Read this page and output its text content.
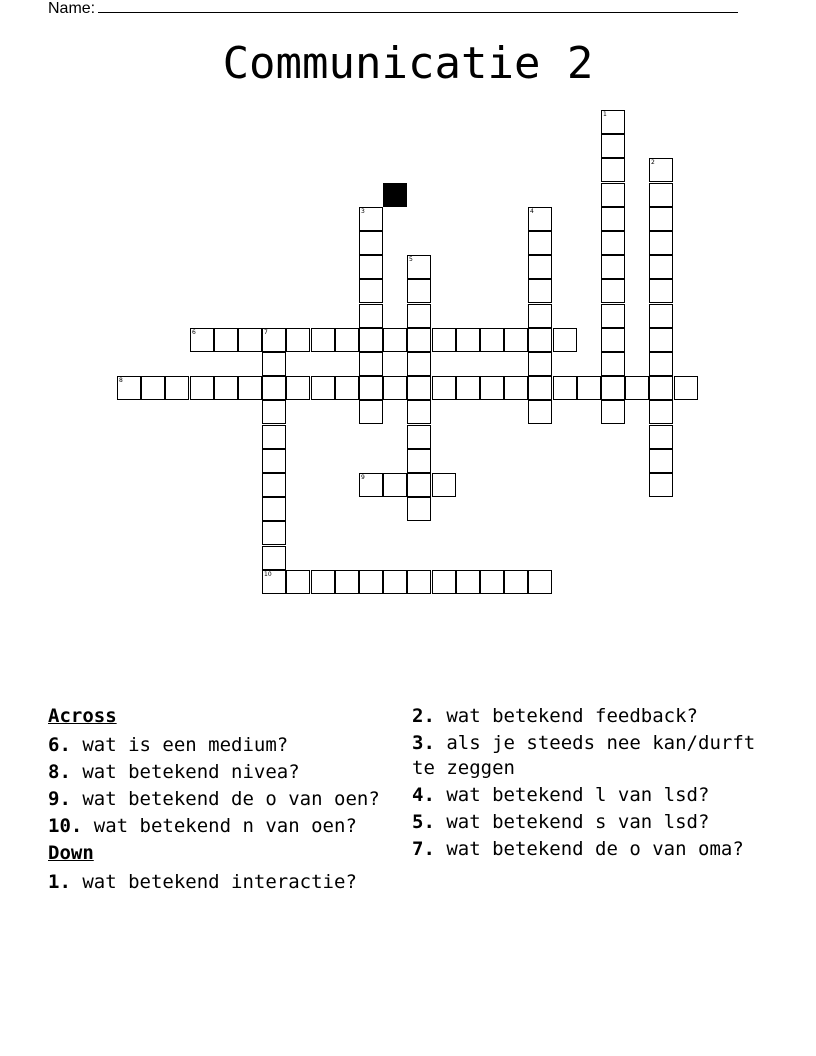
Name:
Communicatie 2
1
2
3	4
5
6	7
10
8
9
Across
6. wat is een medium?
8. wat betekend nivea?
9. wat betekend de o van oen?
10. wat betekend n van oen?
Down
1. wat betekend interactie?
2. wat betekend feedback?
3. als je steeds nee kan/durft te zeggen
4. wat betekend l van lsd?
5. wat betekend s van lsd?
7. wat betekend de o van oma?
